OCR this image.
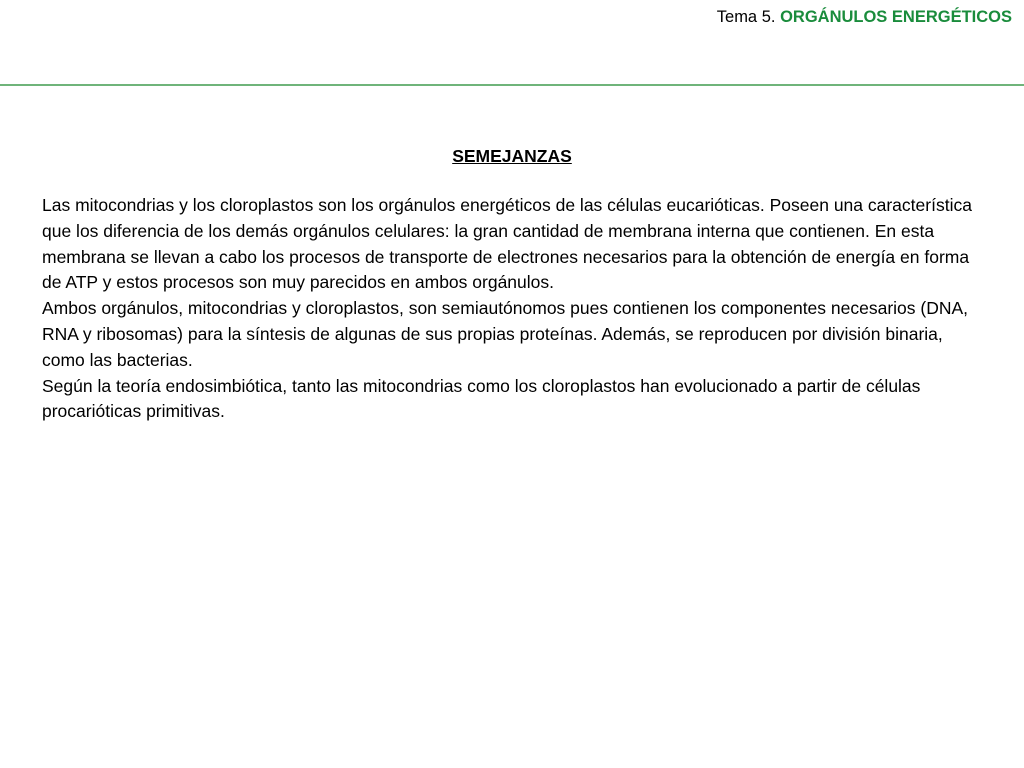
Tema 5. ORGÁNULOS ENERGÉTICOS
SEMEJANZAS

Las mitocondrias y los cloroplastos son los orgánulos energéticos de las células eucarióticas. Poseen una característica que los diferencia de los demás orgánulos celulares: la gran cantidad de membrana interna que contienen. En esta membrana se llevan a cabo los procesos de transporte de electrones necesarios para la obtención de energía en forma de ATP y estos procesos son muy parecidos en ambos orgánulos.

Ambos orgánulos, mitocondrias y cloroplastos, son semiautónomos pues contienen los componentes necesarios (DNA, RNA y ribosomas) para la síntesis de algunas de sus propias proteínas. Además, se reproducen por división binaria, como las bacterias.

Según la teoría endosimbiótica, tanto las mitocondrias como los cloroplastos han evolucionado a partir de células procarióticas primitivas.
